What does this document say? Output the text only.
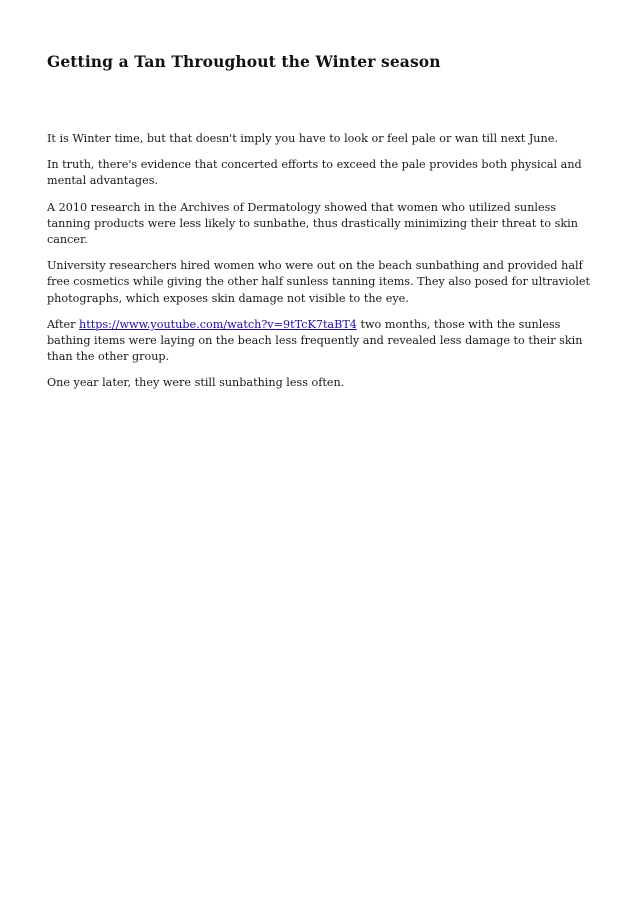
Getting a Tan Throughout the Winter season

It is Winter time, but that doesn't imply you have to look or feel pale or wan till next June.

In truth, there's evidence that concerted efforts to exceed the pale provides both physical and mental advantages.

A 2010 research in the Archives of Dermatology showed that women who utilized sunless tanning products were less likely to sunbathe, thus drastically minimizing their threat to skin cancer.

University researchers hired women who were out on the beach sunbathing and provided half free cosmetics while giving the other half sunless tanning items. They also posed for ultraviolet photographs, which exposes skin damage not visible to the eye.

After https://www.youtube.com/watch?v=9tTcK7taBT4 two months, those with the sunless bathing items were laying on the beach less frequently and revealed less damage to their skin than the other group.

One year later, they were still sunbathing less often.
